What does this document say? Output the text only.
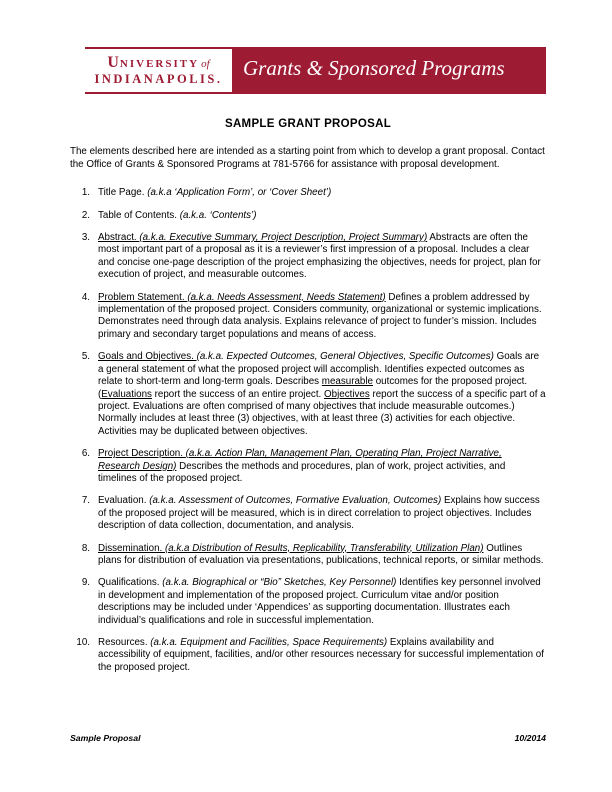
UNIVERSITY of
INDIANAPOLIS. Grants & Sponsored Programs
SAMPLE GRANT PROPOSAL

The elements described here are intended as a starting point from which to develop a grant proposal. Contact the Office of Grants & Sponsored Programs at 781-5766 for assistance with proposal development.

1. Title Page. (a.k.a ‘Application Form’, or ‘Cover Sheet’)
2. Table of Contents. (a.k.a. ‘Contents’)
3. Abstract. (a.k.a. Executive Summary, Project Description, Project Summary) Abstracts are often the most important part of a proposal as it is a reviewer’s first impression of a proposal. Includes a clear and concise one-page description of the project emphasizing the objectives, needs for project, plan for execution of project, and measurable outcomes.
4. Problem Statement. (a.k.a. Needs Assessment, Needs Statement) Defines a problem addressed by implementation of the proposed project. Considers community, organizational or systemic implications. Demonstrates need through data analysis. Explains relevance of project to funder’s mission. Includes primary and secondary target populations and means of access.
5. Goals and Objectives. (a.k.a. Expected Outcomes, General Objectives, Specific Outcomes) Goals are a general statement of what the proposed project will accomplish. Identifies expected outcomes as relate to short-term and long-term goals. Describes measurable outcomes for the proposed project. (Evaluations report the success of an entire project. Objectives report the success of a specific part of a project. Evaluations are often comprised of many objectives that include measurable outcomes.) Normally includes at least three (3) objectives, with at least three (3) activities for each objective. Activities may be duplicated between objectives.
6. Project Description. (a.k.a. Action Plan, Management Plan, Operating Plan, Project Narrative, Research Design) Describes the methods and procedures, plan of work, project activities, and timelines of the proposed project.
7. Evaluation. (a.k.a. Assessment of Outcomes, Formative Evaluation, Outcomes) Explains how success of the proposed project will be measured, which is in direct correlation to project objectives. Includes description of data collection, documentation, and analysis.
8. Dissemination. (a.k.a Distribution of Results, Replicability, Transferability, Utilization Plan) Outlines plans for distribution of evaluation via presentations, publications, technical reports, or similar methods.
9. Qualifications. (a.k.a. Biographical or “Bio” Sketches, Key Personnel) Identifies key personnel involved in development and implementation of the proposed project. Curriculum vitae and/or position descriptions may be included under ‘Appendices’ as supporting documentation. Illustrates each individual’s qualifications and role in successful implementation.
10. Resources. (a.k.a. Equipment and Facilities, Space Requirements) Explains availability and accessibility of equipment, facilities, and/or other resources necessary for successful implementation of the proposed project.
Sample Proposal	10/2014
